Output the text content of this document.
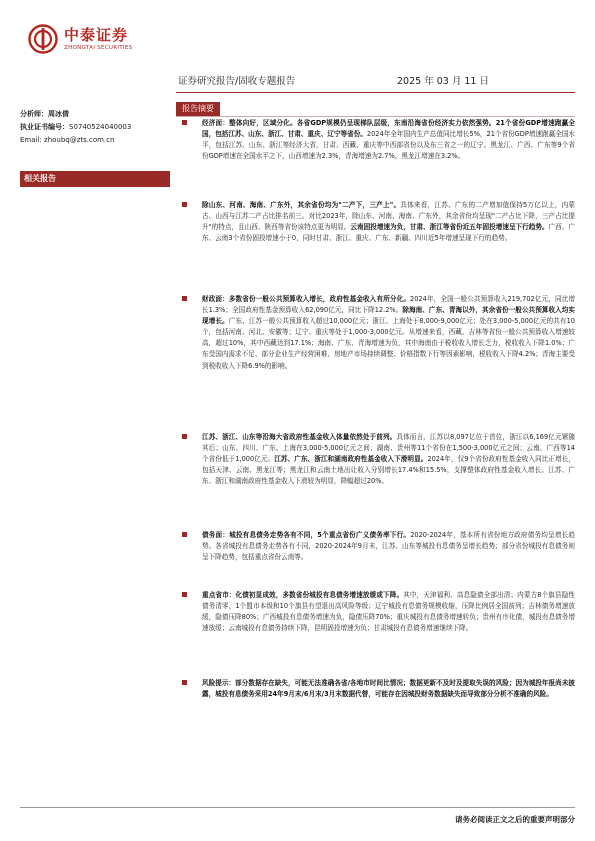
中泰证券
ZHONGTAI SECURITIES
证券研究报告/固收专题报告	2025 年 03 月 11 日
分析师：周冰倩
执业证书编号：S0740524040003
Email: zhoubq@zts.com.cn
相关报告
报告摘要
经济面：整体向好，区域分化。各省GDP规模仍呈现梯队层级，东南沿海省份经济实力依然强势。21个省份GDP增速跑赢全国，包括江苏、山东、浙江、甘肃、重庆、辽宁等省份。2024年全年国内生产总值同比增长5%，21个省份GDP增速跑赢全国水平，包括江苏、山东、浙江等经济大省，甘肃、西藏、重庆等中西部省份以及东三省之一的辽宁。黑龙江、广西、广东等9个省份GDP增速在全国水平之下，山西增速为2.3%，青海增速为2.7%，黑龙江增速在3.2%。
除山东、河南、海南、广东外，其余省份均为"二产下，三产上"。具体来看，江苏、广东的二产增加值保持5万亿以上，内蒙古、山西与江苏二产占比排名前三。对比2023年，除山东、河南、海南、广东外，其余省份均呈现"二产占比下降，三产占比提升"的特点，且山西、陕西等省份该特点更为明显。云南固投增速为负，甘肃、浙江等省份近五年固投增速呈下行趋势。广西、广东、云南3个省份固投增速小于0，同时甘肃、浙江、重庆、广东、新疆、四川近5年增速呈现下行的趋势。
财政面：多数省份一般公共预算收入增长，政府性基金收入有所分化。2024年，全国一般公共预算收入219,702亿元，同比增长1.3%；全国政府性基金预算收入62,090亿元，同比下降12.2%。除海南、广东、青海以外，其余省份一般公共预算收入均实现增长。广东、江苏一般公共预算收入超过10,000亿元；浙江、上海处于8,000-9,000亿元；处在3,000-5,000亿元的共有10个，包括河南、河北、安徽等；辽宁、重庆等处于1,000-3,000亿元。从增速来看，西藏、吉林等省份一般公共预算收入增速较高，超过10%，其中西藏达到17.1%；海南、广东、青海增速为负，其中海南由于税收收入增长乏力，税收收入下降1.0%；广东受国内需求不足、部分企业生产经营困难、房地产市场持续调整、价格指数下行等因素影响，税收收入下降4.2%；青海主要受到税收收入下降6.9%的影响。
江苏、浙江、山东等沿海大省政府性基金收入体量依然处于前列。具体而言，江苏以8,097亿位于首位，浙江以6,169亿元紧随其后；山东、四川、广东、上海在3,000-5,000亿元之间；湖南、贵州等11个省份在1,500-3,000亿元之间；云南、广西等14个省份低于1,000亿元。江苏、广东、浙江和湖南政府性基金收入下滑明显。2024年，仅9个省份政府性基金收入同比正增长，包括天津、云南、黑龙江等；黑龙江和云南土地出让收入分别增长17.4%和15.5%，支撑整体政府性基金收入增长。江苏、广东、浙江和湖南政府性基金收入下滑较为明显，降幅超过20%。
债务面：城投有息债务走势各有不同，5个重点省份广义债务率下行。2020-2024年，基本所有省份地方政府债务均呈增长趋势。各省城投有息债务走势各有不同，2020-2024年9月末，江苏、山东等城投有息债务呈增长趋势；部分省份城投有息债务则呈下降趋势，包括重点省份云南等。
重点省市：化债初显成效，多数省份城投有息债务增速放缓或下降。其中，天津福利、高息隐债全部出清；内蒙古8个旗县隐性债务清零，1个盟市本级和10个旗县有望退出高风险等级；辽宁城投有息债务规模收缩，压降比例居全国前列；吉林债务增速放缓，隐债压降80%；广西城投有息债务增速为负，隐债压降70%；重庆城投有息债务增速转负；贵州有序化债，城投有息债务增速放缓；云南城投有息债务持续下降，昆明固投增速为负；甘肃城投有息债务增速继续下降。
风险提示：部分数据存在缺失，可能无法准确各省/各地市时间比情况；数据更新不及时及提取失误的风险；因为城投年报尚未披露，城投有息债务采用24年9月末/6月末/3月末数据代替，可能存在因城投财务数据缺失而导致部分分析不准确的风险。
请务必阅读正文之后的重要声明部分
